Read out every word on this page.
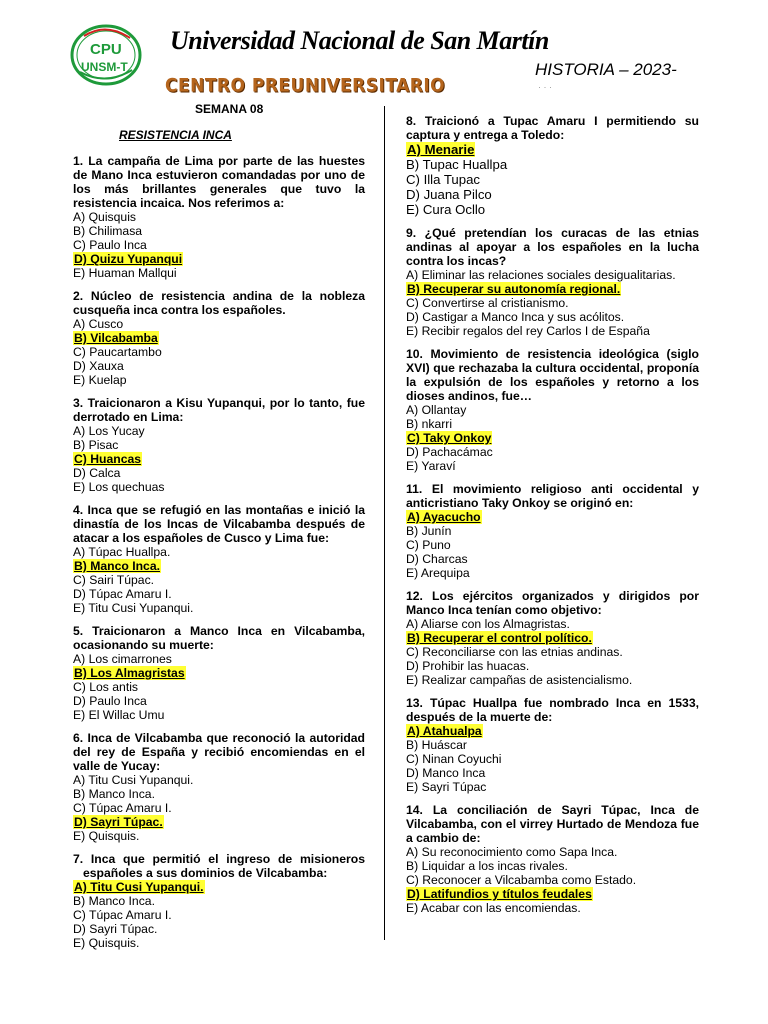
CPU
UNSM-T
Universidad Nacional de San Martín
CENTRO PREUNIVERSITARIO
HISTORIA – 2023-
· · ·
SEMANA 08
RESISTENCIA INCA
1. La campaña de Lima por parte de las huestes de Mano Inca estuvieron comandadas por uno de los más brillantes generales que tuvo la resistencia incaica. Nos referimos a:
A) Quisquis
B) Chilimasa
C) Paulo Inca
D) Quizu Yupanqui
E) Huaman Mallqui
2. Núcleo de resistencia andina de la nobleza cusqueña inca contra los españoles.
A) Cusco
B) Vilcabamba
C) Paucartambo
D) Xauxa
E) Kuelap
3. Traicionaron a Kisu Yupanqui, por lo tanto, fue derrotado en Lima:
A) Los Yucay
B) Pisac
C) Huancas
D) Calca
E) Los quechuas
4. Inca que se refugió en las montañas e inició la dinastía de los Incas de Vilcabamba después de atacar a los españoles de Cusco y Lima fue:
A) Túpac Huallpa.
B) Manco Inca.
C) Sairi Túpac.
D) Túpac Amaru I.
E) Titu Cusi Yupanqui.
5. Traicionaron a Manco Inca en Vilcabamba, ocasionando su muerte:
A) Los cimarrones
B) Los Almagristas
C) Los antis
D) Paulo Inca
E) El Willac Umu
6. Inca de Vilcabamba que reconoció la autoridad del rey de España y recibió encomiendas en el valle de Yucay:
A) Titu Cusi Yupanqui.
B) Manco Inca.
C) Túpac Amaru I.
D) Sayri Túpac.
E) Quisquis.
7. Inca que permitió el ingreso de misioneros españoles a sus dominios de Vilcabamba:
A) Titu Cusi Yupanqui.
B) Manco Inca.
C) Túpac Amaru I.
D) Sayri Túpac.
E) Quisquis.
8. Traicionó a Tupac Amaru I permitiendo su captura y entrega a Toledo:
A) Menarie
B) Tupac Huallpa
C) Illa Tupac
D) Juana Pilco
E) Cura Ocllo
9. ¿Qué pretendían los curacas de las etnias andinas al apoyar a los españoles en la lucha contra los incas?
A) Eliminar las relaciones sociales desigualitarias.
B) Recuperar su autonomía regional.
C) Convertirse al cristianismo.
D) Castigar a Manco Inca y sus acólitos.
E) Recibir regalos del rey Carlos I de España
10. Movimiento de resistencia ideológica (siglo XVI) que rechazaba la cultura occidental, proponía la expulsión de los españoles y retorno a los dioses andinos, fue…
A) Ollantay
B) nkarri
C) Taky Onkoy
D) Pachacámac
E) Yaraví
11. El movimiento religioso anti occidental y anticristiano Taky Onkoy se originó en:
A) Ayacucho
B) Junín
C) Puno
D) Charcas
E) Arequipa
12. Los ejércitos organizados y dirigidos por Manco Inca tenían como objetivo:
A) Aliarse con los Almagristas.
B) Recuperar el control político.
C) Reconciliarse con las etnias andinas.
D) Prohibir las huacas.
E) Realizar campañas de asistencialismo.
13. Túpac Huallpa fue nombrado Inca en 1533, después de la muerte de:
A) Atahualpa
B) Huáscar
C) Ninan Coyuchi
D) Manco Inca
E) Sayri Túpac
14. La conciliación de Sayri Túpac, Inca de Vilcabamba, con el virrey Hurtado de Mendoza fue a cambio de:
A) Su reconocimiento como Sapa Inca.
B) Liquidar a los incas rivales.
C) Reconocer a Vilcabamba como Estado.
D) Latifundios y títulos feudales
E) Acabar con las encomiendas.
